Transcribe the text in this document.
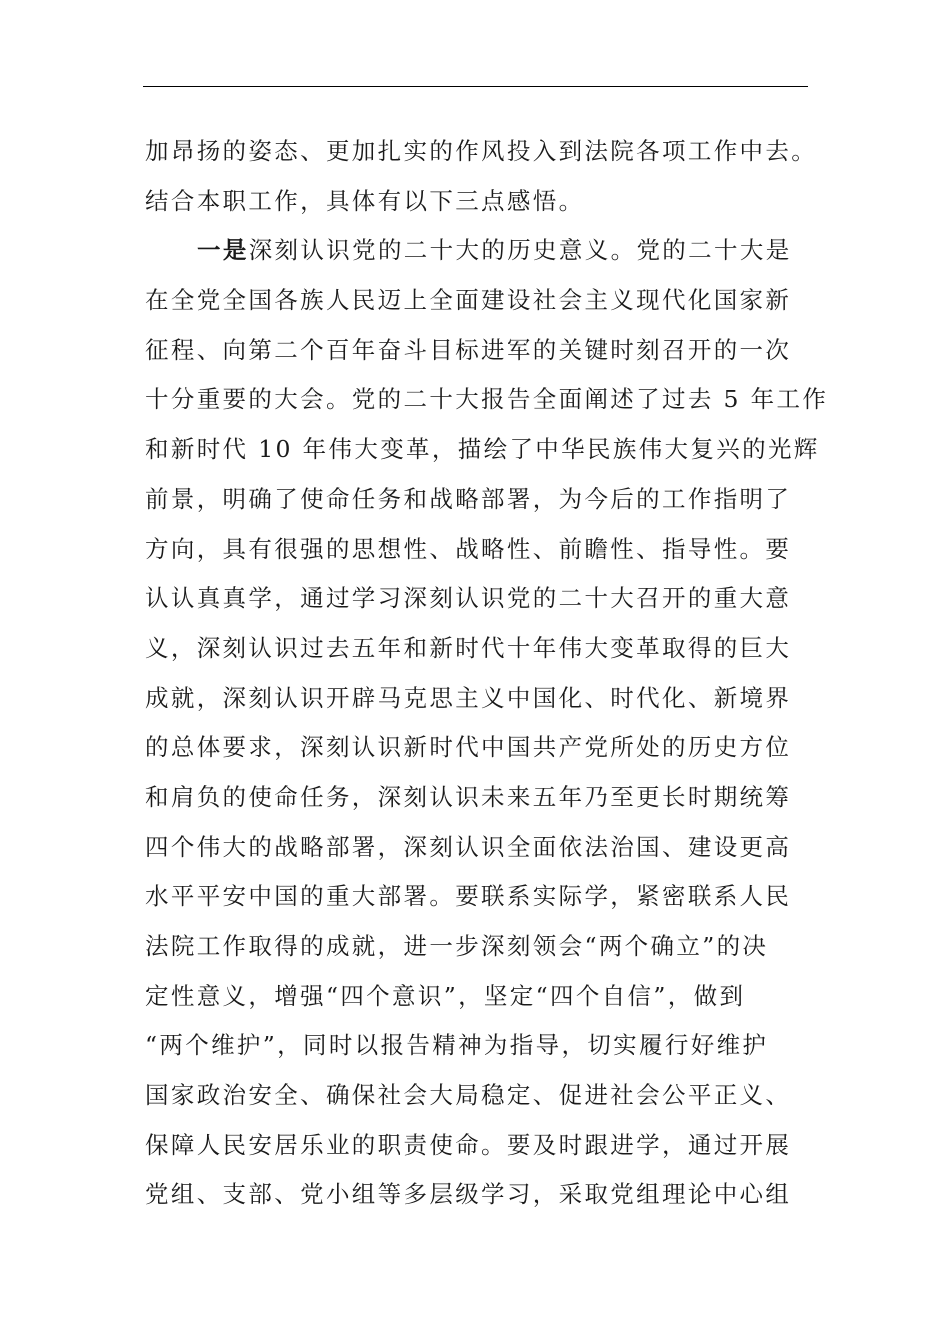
加昂扬的姿态、更加扎实的作风投入到法院各项工作中去。
结合本职工作，具体有以下三点感悟。
一是深刻认识党的二十大的历史意义。党的二十大是
在全党全国各族人民迈上全面建设社会主义现代化国家新
征程、向第二个百年奋斗目标进军的关键时刻召开的一次
十分重要的大会。党的二十大报告全面阐述了过去 5 年工作
和新时代 10 年伟大变革，描绘了中华民族伟大复兴的光辉
前景，明确了使命任务和战略部署，为今后的工作指明了
方向，具有很强的思想性、战略性、前瞻性、指导性。要
认认真真学，通过学习深刻认识党的二十大召开的重大意
义，深刻认识过去五年和新时代十年伟大变革取得的巨大
成就，深刻认识开辟马克思主义中国化、时代化、新境界
的总体要求，深刻认识新时代中国共产党所处的历史方位
和肩负的使命任务，深刻认识未来五年乃至更长时期统筹
四个伟大的战略部署，深刻认识全面依法治国、建设更高
水平平安中国的重大部署。要联系实际学，紧密联系人民
法院工作取得的成就，进一步深刻领会“两个确立”的决
定性意义，增强“四个意识”，坚定“四个自信”，做到
“两个维护”，同时以报告精神为指导，切实履行好维护
国家政治安全、确保社会大局稳定、促进社会公平正义、
保障人民安居乐业的职责使命。要及时跟进学，通过开展
党组、支部、党小组等多层级学习，采取党组理论中心组
